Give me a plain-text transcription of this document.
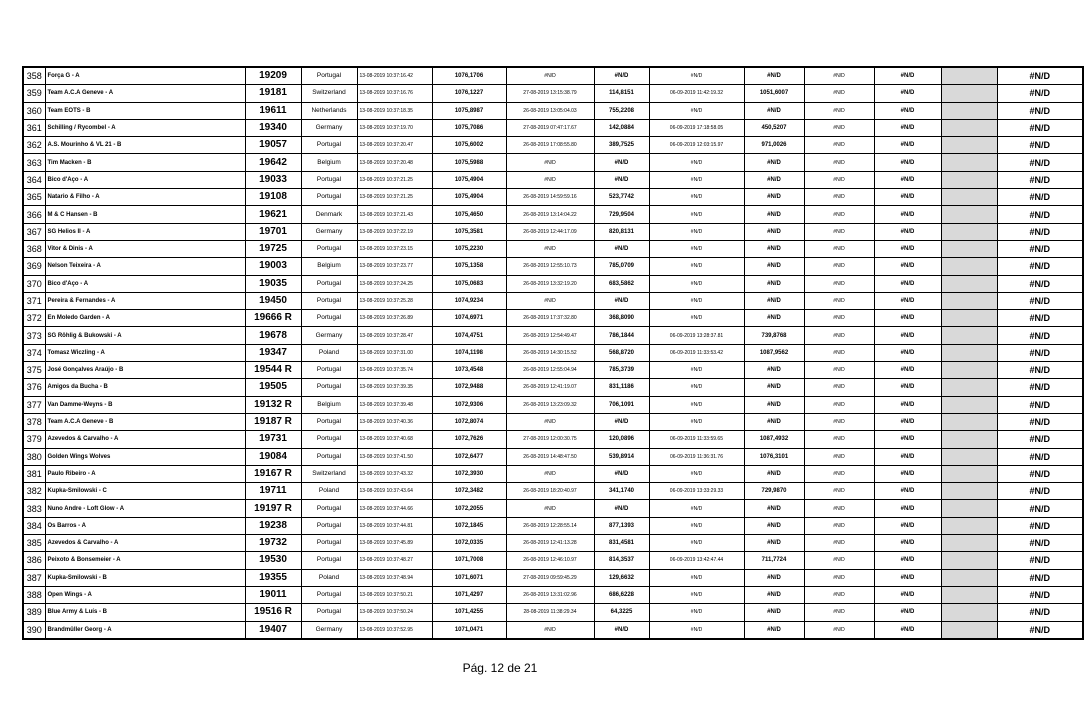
358	Força G - A	19209	Portugal	13-08-2019 10:37:16.42	1076,1706	#N/D	#N/D	#N/D	#N/D	#N/D	#N/D		#N/D
359	Team A.C.A Geneve - A	19181	Switzerland	13-08-2019 10:37:16.76	1076,1227	27-08-2019 13:15:38.79	114,8151	06-09-2019 11:42:19.32	1051,6007	#N/D	#N/D		#N/D
360	Team EOTS - B	19611	Netherlands	13-08-2019 10:37:18.35	1075,8987	26-08-2019 13:05:04.03	755,2208	#N/D	#N/D	#N/D	#N/D		#N/D
361	Schilling / Rycombel - A	19340	Germany	13-08-2019 10:37:19.70	1075,7086	27-08-2019 07:47:17.67	142,0884	06-09-2019 17:18:58.05	450,5207	#N/D	#N/D		#N/D
362	A.S. Mourinho & VL 21 - B	19057	Portugal	13-08-2019 10:37:20.47	1075,6002	26-08-2019 17:08:55.80	389,7525	06-09-2019 12:03:15.97	971,0026	#N/D	#N/D		#N/D
363	Tim Macken - B	19642	Belgium	13-08-2019 10:37:20.48	1075,5988	#N/D	#N/D	#N/D	#N/D	#N/D	#N/D		#N/D
364	Bico d'Aço - A	19033	Portugal	13-08-2019 10:37:21.25	1075,4904	#N/D	#N/D	#N/D	#N/D	#N/D	#N/D		#N/D
365	Natario & Filho - A	19108	Portugal	13-08-2019 10:37:21.25	1075,4904	26-08-2019 14:59:59.16	523,7742	#N/D	#N/D	#N/D	#N/D		#N/D
366	M & C Hansen - B	19621	Denmark	13-08-2019 10:37:21.43	1075,4650	26-08-2019 13:14:04.22	729,9504	#N/D	#N/D	#N/D	#N/D		#N/D
367	SG Helios II - A	19701	Germany	13-08-2019 10:37:22.19	1075,3581	26-08-2019 12:44:17.09	820,8131	#N/D	#N/D	#N/D	#N/D		#N/D
368	Vitor & Dinis - A	19725	Portugal	13-08-2019 10:37:23.15	1075,2230	#N/D	#N/D	#N/D	#N/D	#N/D	#N/D		#N/D
369	Nelson Teixeira - A	19003	Belgium	13-08-2019 10:37:23.77	1075,1358	26-08-2019 12:55:10.73	785,0709	#N/D	#N/D	#N/D	#N/D		#N/D
370	Bico d'Aço - A	19035	Portugal	13-08-2019 10:37:24.25	1075,0683	26-08-2019 13:32:19.20	683,5862	#N/D	#N/D	#N/D	#N/D		#N/D
371	Pereira & Fernandes - A	19450	Portugal	13-08-2019 10:37:25.28	1074,9234	#N/D	#N/D	#N/D	#N/D	#N/D	#N/D		#N/D
372	En Moledo Garden - A	19666 R	Portugal	13-08-2019 10:37:26.89	1074,6971	26-08-2019 17:37:32.80	368,8090	#N/D	#N/D	#N/D	#N/D		#N/D
373	SG Röhlig & Bukowski - A	19678	Germany	13-08-2019 10:37:28.47	1074,4751	26-08-2019 12:54:49.47	786,1844	06-09-2019 13:28:37.81	739,8768	#N/D	#N/D		#N/D
374	Tomasz Wiczling - A	19347	Poland	13-08-2019 10:37:31.00	1074,1198	26-08-2019 14:30:15.52	568,8720	06-09-2019 11:33:53.42	1087,9562	#N/D	#N/D		#N/D
375	José Gonçalves Araújo - B	19544 R	Portugal	13-08-2019 10:37:35.74	1073,4548	26-08-2019 12:55:04.94	785,3739	#N/D	#N/D	#N/D	#N/D		#N/D
376	Amigos da Bucha - B	19505	Portugal	13-08-2019 10:37:39.35	1072,9488	26-08-2019 12:41:19.07	831,1186	#N/D	#N/D	#N/D	#N/D		#N/D
377	Van Damme-Weyns - B	19132 R	Belgium	13-08-2019 10:37:39.48	1072,9306	26-08-2019 13:23:09.32	706,1091	#N/D	#N/D	#N/D	#N/D		#N/D
378	Team A.C.A Geneve - B	19187 R	Portugal	13-08-2019 10:37:40.36	1072,8074	#N/D	#N/D	#N/D	#N/D	#N/D	#N/D		#N/D
379	Azevedos & Carvalho - A	19731	Portugal	13-08-2019 10:37:40.68	1072,7626	27-08-2019 12:00:30.75	120,0896	06-09-2019 11:33:59.65	1087,4932	#N/D	#N/D		#N/D
380	Golden Wings Wolves	19084	Portugal	13-08-2019 10:37:41.50	1072,6477	26-08-2019 14:48:47.50	539,8914	06-09-2019 11:36:31.76	1076,3101	#N/D	#N/D		#N/D
381	Paulo Ribeiro - A	19167 R	Switzerland	13-08-2019 10:37:43.32	1072,3930	#N/D	#N/D	#N/D	#N/D	#N/D	#N/D		#N/D
382	Kupka-Smilowski - C	19711	Poland	13-08-2019 10:37:43.64	1072,3482	26-08-2019 18:20:40.97	341,1740	06-09-2019 13:33:29.33	729,9870	#N/D	#N/D		#N/D
383	Nuno Andre - Loft Glow - A	19197 R	Portugal	13-08-2019 10:37:44.66	1072,2055	#N/D	#N/D	#N/D	#N/D	#N/D	#N/D		#N/D
384	Os Barros - A	19238	Portugal	13-08-2019 10:37:44.81	1072,1845	26-08-2019 12:28:55.14	877,1393	#N/D	#N/D	#N/D	#N/D		#N/D
385	Azevedos & Carvalho - A	19732	Portugal	13-08-2019 10:37:45.89	1072,0335	26-08-2019 12:41:13.28	831,4581	#N/D	#N/D	#N/D	#N/D		#N/D
386	Peixoto & Bonsemeier - A	19530	Portugal	13-08-2019 10:37:48.27	1071,7008	26-08-2019 12:46:10.97	814,3537	06-09-2019 13:42:47.44	711,7724	#N/D	#N/D		#N/D
387	Kupka-Smilowski - B	19355	Poland	13-08-2019 10:37:48.94	1071,6071	27-08-2019 09:59:45.29	129,6632	#N/D	#N/D	#N/D	#N/D		#N/D
388	Open Wings - A	19011	Portugal	13-08-2019 10:37:50.21	1071,4297	26-08-2019 13:31:02.96	686,6228	#N/D	#N/D	#N/D	#N/D		#N/D
389	Blue Army & Luís - B	19516 R	Portugal	13-08-2019 10:37:50.24	1071,4255	28-08-2019 11:38:29.34	64,3225	#N/D	#N/D	#N/D	#N/D		#N/D
390	Brandmüller Georg - A	19407	Germany	13-08-2019 10:37:52.95	1071,0471	#N/D	#N/D	#N/D	#N/D	#N/D	#N/D		#N/D
Pág. 12 de 21
